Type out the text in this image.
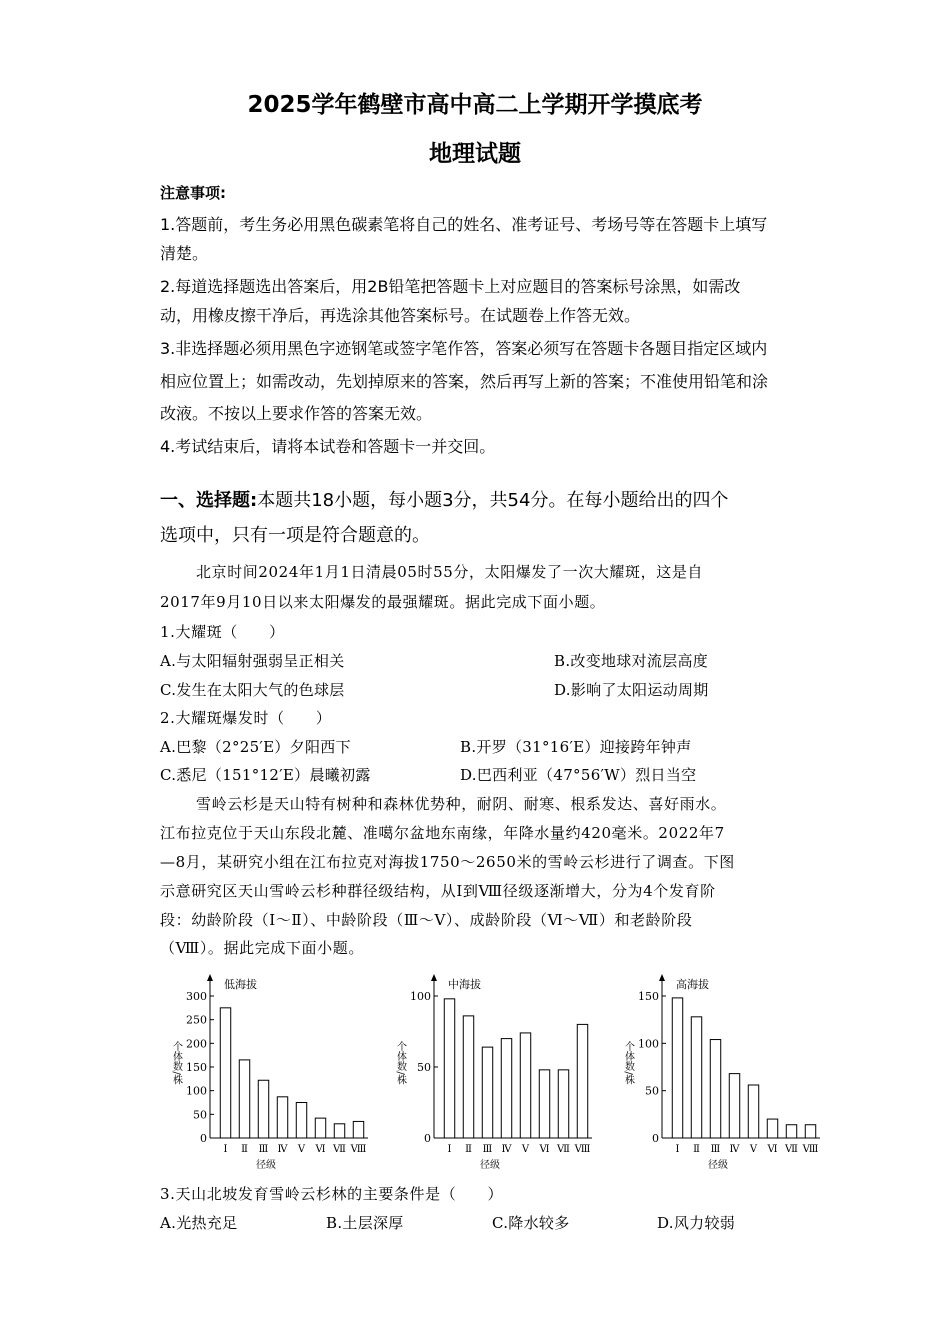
2025学年鹤壁市高中高二上学期开学摸底考
地理试题
注意事项:
1.答题前，考生务必用黑色碳素笔将自己的姓名、准考证号、考场号等在答题卡上填写
清楚。
2.每道选择题选出答案后，用2B铅笔把答题卡上对应题目的答案标号涂黑，如需改
动，用橡皮擦干净后，再选涂其他答案标号。在试题卷上作答无效。
3.非选择题必须用黑色字迹钢笔或签字笔作答，答案必须写在答题卡各题目指定区域内
相应位置上；如需改动，先划掉原来的答案，然后再写上新的答案；不准使用铅笔和涂
改液。不按以上要求作答的答案无效。
4.考试结束后，请将本试卷和答题卡一并交回。
一、选择题:本题共18小题，每小题3分，共54分。在每小题给出的四个
选项中，只有一项是符合题意的。
北京时间2024年1月1日清晨05时55分，太阳爆发了一次大耀斑，这是自
2017年9月10日以来太阳爆发的最强耀斑。据此完成下面小题。
1.大耀斑（　　）
A.与太阳辐射强弱呈正相关	B.改变地球对流层高度
C.发生在太阳大气的色球层	D.影响了太阳运动周期
2.大耀斑爆发时（　　）
A.巴黎（2°25′E）夕阳西下	B.开罗（31°16′E）迎接跨年钟声
C.悉尼（151°12′E）晨曦初露	D.巴西利亚（47°56′W）烈日当空
雪岭云杉是天山特有树种和森林优势种，耐阴、耐寒、根系发达、喜好雨水。
江布拉克位于天山东段北麓、准噶尔盆地东南缘，年降水量约420毫米。2022年7
—8月，某研究小组在江布拉克对海拔1750～2650米的雪岭云杉进行了调查。下图
示意研究区天山雪岭云杉种群径级结构，从Ⅰ到Ⅷ径级逐渐增大，分为4个发育阶
段：幼龄阶段（Ⅰ～Ⅱ）、中龄阶段（Ⅲ～Ⅴ）、成龄阶段（Ⅵ～Ⅶ）和老龄阶段
（Ⅷ）。据此完成下面小题。
低海拔
0
50
100
150
200
250
300
个体数/株
Ⅰ Ⅱ Ⅲ Ⅳ Ⅴ Ⅵ Ⅶ Ⅷ
径级
中海拔
0
50
100
个体数/株
Ⅰ Ⅱ Ⅲ Ⅳ Ⅴ Ⅵ Ⅶ Ⅷ
径级
高海拔
0
50
100
150
个体数/株
Ⅰ Ⅱ Ⅲ Ⅳ Ⅴ Ⅵ Ⅶ Ⅷ
径级
3.天山北坡发育雪岭云杉林的主要条件是（　　）
A.光热充足	B.土层深厚	C.降水较多	D.风力较弱
